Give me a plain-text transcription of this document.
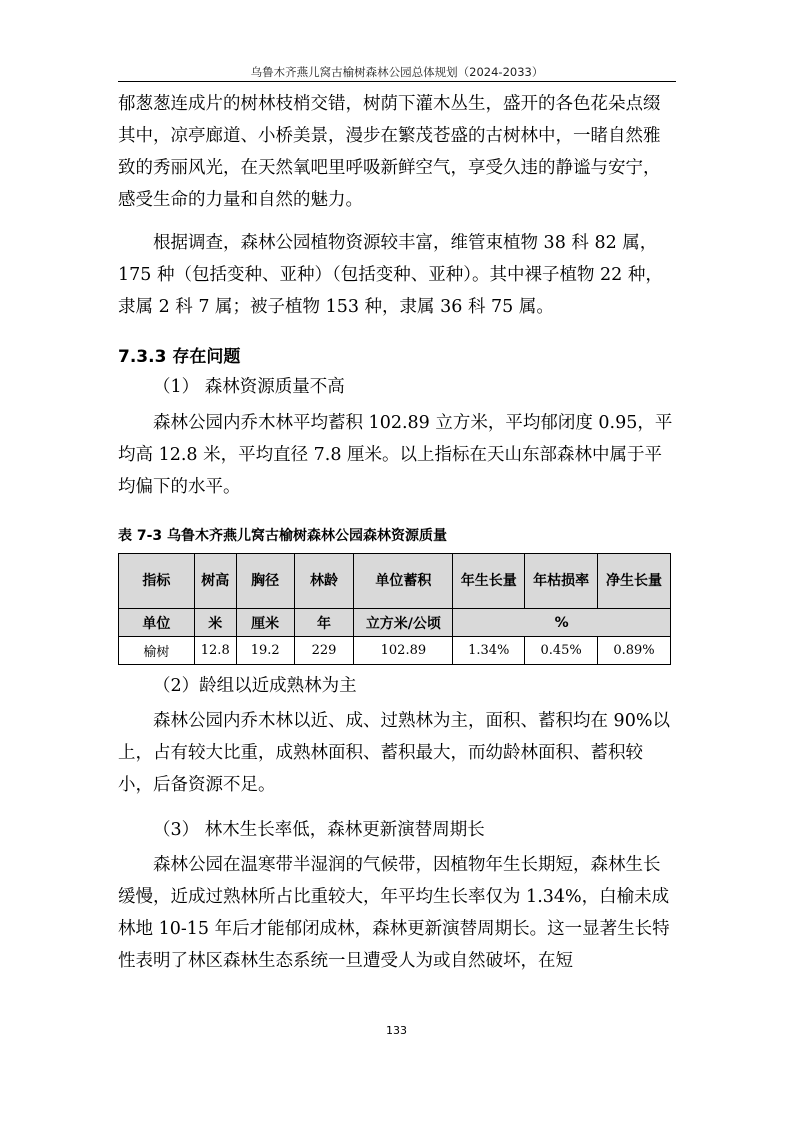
乌鲁木齐燕儿窝古榆树森林公园总体规划（2024-2033）

郁葱葱连成片的树林枝梢交错，树荫下灌木丛生，盛开的各色花朵点缀其中，凉亭廊道、小桥美景，漫步在繁茂苍盛的古树林中，一睹自然雅致的秀丽风光，在天然氧吧里呼吸新鲜空气，享受久违的静谧与安宁，感受生命的力量和自然的魅力。

根据调查，森林公园植物资源较丰富，维管束植物 38 科 82 属，175 种（包括变种、亚种）（包括变种、亚种）。其中裸子植物 22 种，隶属 2 科 7 属；被子植物 153 种，隶属 36 科 75 属。

7.3.3 存在问题

（1） 森林资源质量不高

森林公园内乔木林平均蓄积 102.89 立方米，平均郁闭度 0.95，平均高 12.8 米，平均直径 7.8 厘米。以上指标在天山东部森林中属于平均偏下的水平。

表 7-3 乌鲁木齐燕儿窝古榆树森林公园森林资源质量
指标	树高	胸径	林龄	单位蓄积	年生长量	年枯损率	净生长量
单位	米	厘米	年	立方米/公顷	%		
榆树	12.8	19.2	229	102.89	1.34%	0.45%	0.89%

（2）龄组以近成熟林为主

森林公园内乔木林以近、成、过熟林为主，面积、蓄积均在 90%以上，占有较大比重，成熟林面积、蓄积最大，而幼龄林面积、蓄积较小，后备资源不足。

（3） 林木生长率低，森林更新演替周期长

森林公园在温寒带半湿润的气候带，因植物年生长期短，森林生长缓慢，近成过熟林所占比重较大，年平均生长率仅为 1.34%，白榆未成林地 10-15 年后才能郁闭成林，森林更新演替周期长。这一显著生长特性表明了林区森林生态系统一旦遭受人为或自然破坏，在短

133
